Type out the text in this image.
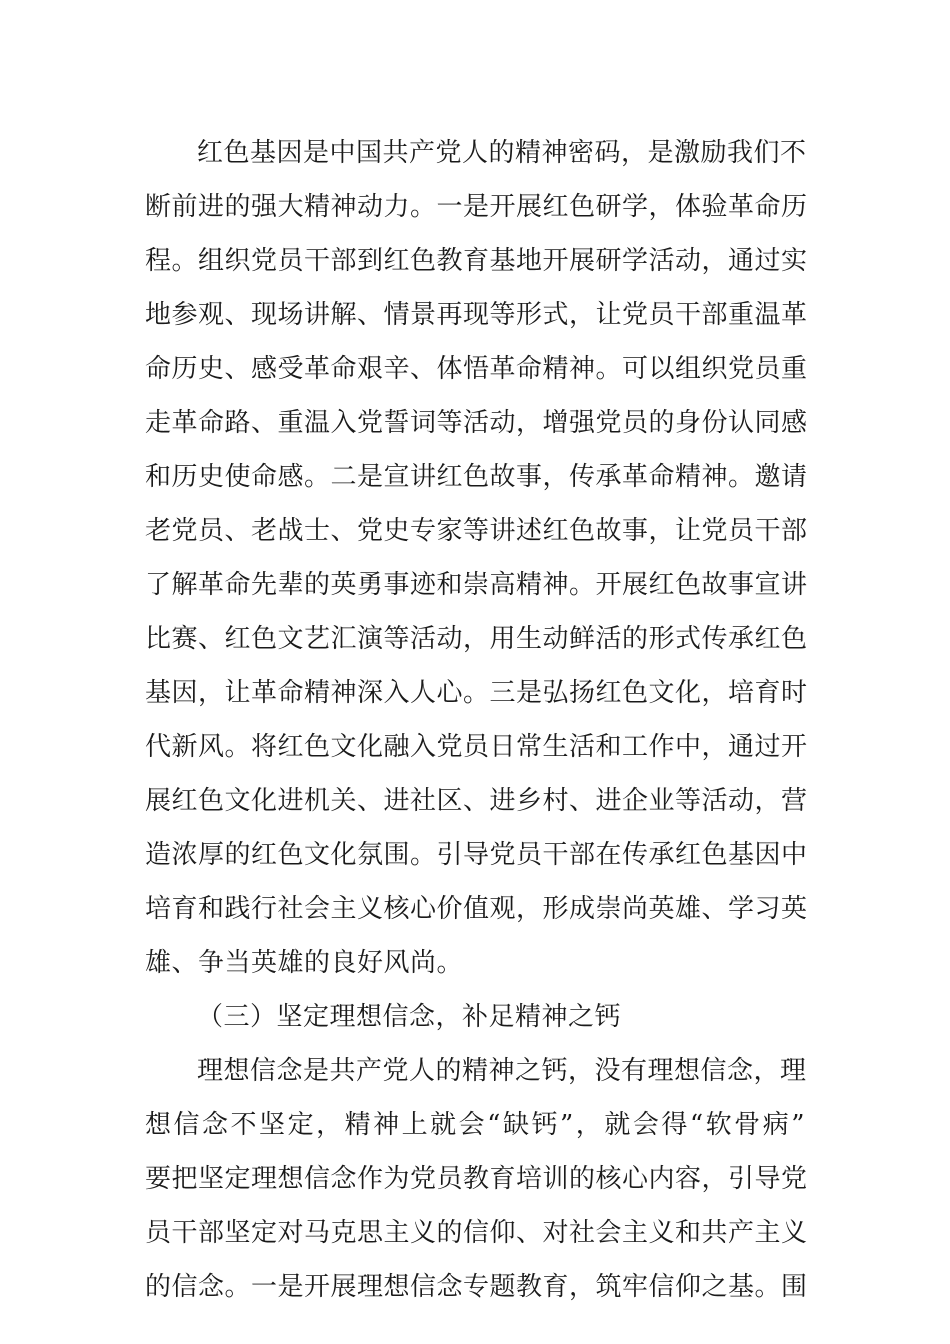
红色基因是中国共产党人的精神密码，是激励我们不
断前进的强大精神动力。一是开展红色研学，体验革命历
程。组织党员干部到红色教育基地开展研学活动，通过实
地参观、现场讲解、情景再现等形式，让党员干部重温革
命历史、感受革命艰辛、体悟革命精神。可以组织党员重
走革命路、重温入党誓词等活动，增强党员的身份认同感
和历史使命感。二是宣讲红色故事，传承革命精神。邀请
老党员、老战士、党史专家等讲述红色故事，让党员干部
了解革命先辈的英勇事迹和崇高精神。开展红色故事宣讲
比赛、红色文艺汇演等活动，用生动鲜活的形式传承红色
基因，让革命精神深入人心。三是弘扬红色文化，培育时
代新风。将红色文化融入党员日常生活和工作中，通过开
展红色文化进机关、进社区、进乡村、进企业等活动，营
造浓厚的红色文化氛围。引导党员干部在传承红色基因中
培育和践行社会主义核心价值观，形成崇尚英雄、学习英
雄、争当英雄的良好风尚。
（三）坚定理想信念，补足精神之钙
理想信念是共产党人的精神之钙，没有理想信念，理
想信念不坚定，精神上就会“缺钙”，就会得“软骨病”
要把坚定理想信念作为党员教育培训的核心内容，引导党
员干部坚定对马克思主义的信仰、对社会主义和共产主义
的信念。一是开展理想信念专题教育，筑牢信仰之基。围
